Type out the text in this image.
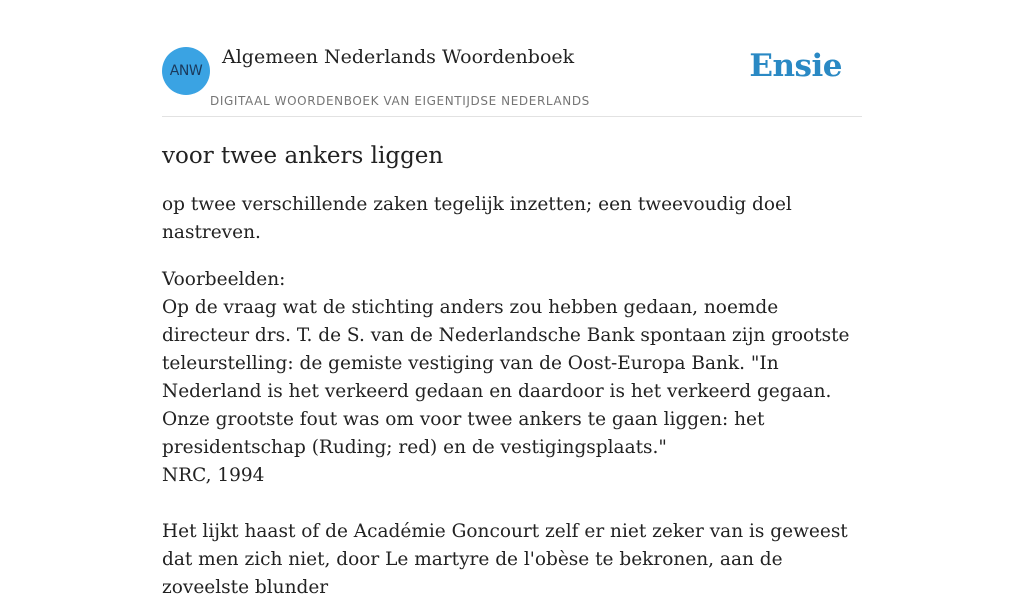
ANW
Algemeen Nederlands Woordenboek
DIGITAAL WOORDENBOEK VAN EIGENTIJDSE NEDERLANDS
Ensie
voor twee ankers liggen
op twee verschillende zaken tegelijk inzetten; een tweevoudig doel nastreven.
Voorbeelden:
Op de vraag wat de stichting anders zou hebben gedaan, noemde directeur drs. T. de S. van de Nederlandsche Bank spontaan zijn grootste teleurstelling: de gemiste vestiging van de Oost-Europa Bank. "In Nederland is het verkeerd gedaan en daardoor is het verkeerd gegaan. Onze grootste fout was om voor twee ankers te gaan liggen: het presidentschap (Ruding; red) en de vestigingsplaats."
NRC, 1994
Het lijkt haast of de Académie Goncourt zelf er niet zeker van is geweest dat men zich niet, door Le martyre de l'obèse te bekronen, aan de zoveelste blunder
